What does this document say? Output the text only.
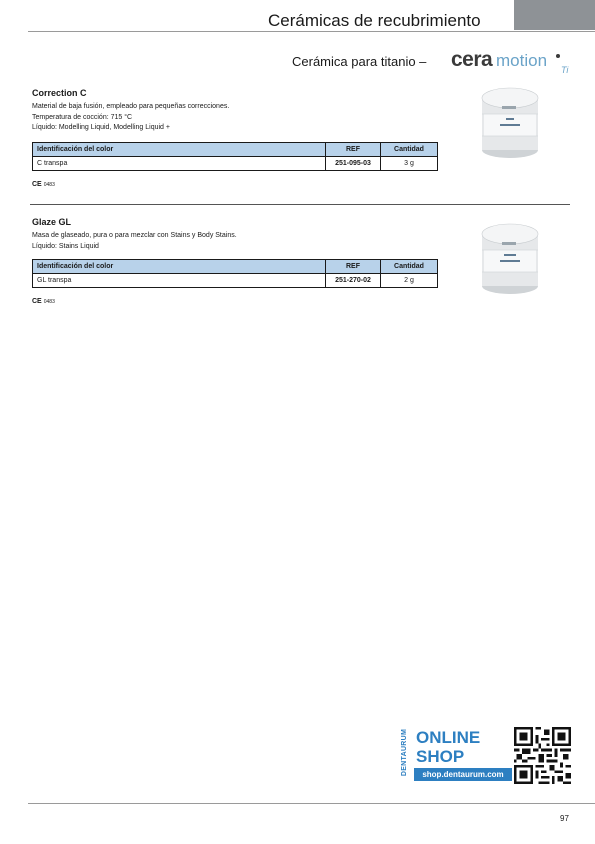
Cerámicas de recubrimiento
Cerámica para titanio – cera motion Ti
Correction C
Material de baja fusión, empleado para pequeñas correcciones.
Temperatura de cocción: 715 °C
Líquido: Modelling Liquid, Modelling Liquid +
Identificación del color	REF	Cantidad
C transpa	251-095-03	3 g
CE 0483
Glaze GL
Masa de glaseado, pura o para mezclar con Stains y Body Stains.
Líquido: Stains Liquid
Identificación del color	REF	Cantidad
GL transpa	251-270-02	2 g
CE 0483
DENTAURUM ONLINE
SHOP
shop.dentaurum.com
97
